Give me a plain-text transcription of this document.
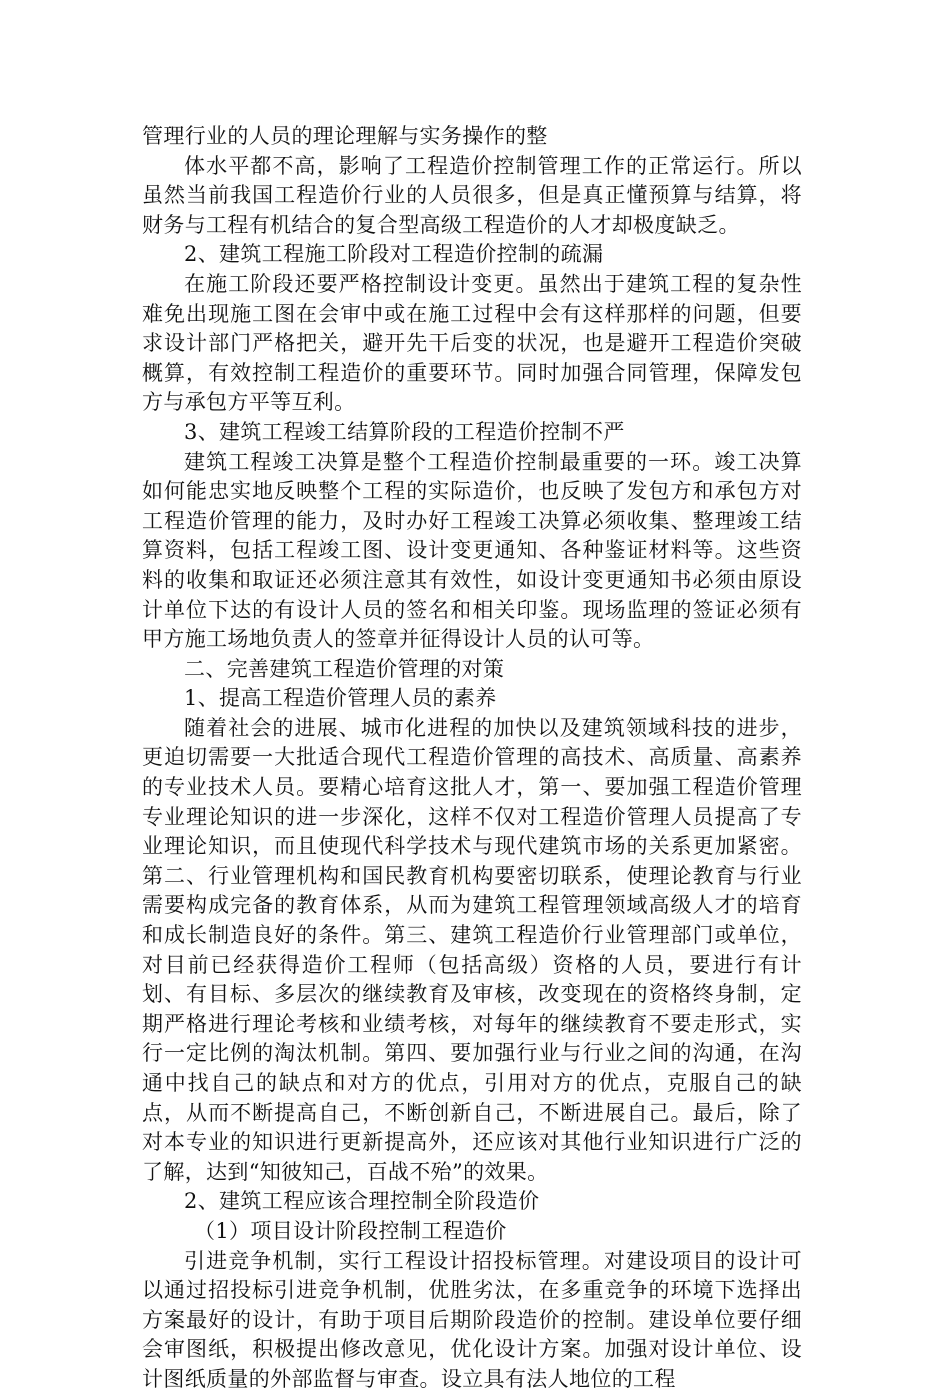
管理行业的人员的理论理解与实务操作的整

体水平都不高，影响了工程造价控制管理工作的正常运行。所以虽然当前我国工程造价行业的人员很多，但是真正懂预算与结算，将财务与工程有机结合的复合型高级工程造价的人才却极度缺乏。

2、建筑工程施工阶段对工程造价控制的疏漏

在施工阶段还要严格控制设计变更。虽然出于建筑工程的复杂性难免出现施工图在会审中或在施工过程中会有这样那样的问题，但要求设计部门严格把关，避开先干后变的状况，也是避开工程造价突破概算，有效控制工程造价的重要环节。同时加强合同管理，保障发包方与承包方平等互利。

3、建筑工程竣工结算阶段的工程造价控制不严

建筑工程竣工决算是整个工程造价控制最重要的一环。竣工决算如何能忠实地反映整个工程的实际造价，也反映了发包方和承包方对工程造价管理的能力，及时办好工程竣工决算必须收集、整理竣工结算资料，包括工程竣工图、设计变更通知、各种鉴证材料等。这些资料的收集和取证还必须注意其有效性，如设计变更通知书必须由原设计单位下达的有设计人员的签名和相关印鉴。现场监理的签证必须有甲方施工场地负责人的签章并征得设计人员的认可等。

二、完善建筑工程造价管理的对策

1、提高工程造价管理人员的素养

随着社会的进展、城市化进程的加快以及建筑领域科技的进步，更迫切需要一大批适合现代工程造价管理的高技术、高质量、高素养的专业技术人员。要精心培育这批人才，第一、要加强工程造价管理专业理论知识的进一步深化，这样不仅对工程造价管理人员提高了专业理论知识，而且使现代科学技术与现代建筑市场的关系更加紧密。第二、行业管理机构和国民教育机构要密切联系，使理论教育与行业需要构成完备的教育体系，从而为建筑工程管理领域高级人才的培育和成长制造良好的条件。第三、建筑工程造价行业管理部门或单位，对目前已经获得造价工程师（包括高级）资格的人员，要进行有计划、有目标、多层次的继续教育及审核，改变现在的资格终身制，定期严格进行理论考核和业绩考核，对每年的继续教育不要走形式，实行一定比例的淘汰机制。第四、要加强行业与行业之间的沟通，在沟通中找自己的缺点和对方的优点，引用对方的优点，克服自己的缺点，从而不断提高自己，不断创新自己，不断进展自己。最后，除了对本专业的知识进行更新提高外，还应该对其他行业知识进行广泛的了解，达到“知彼知己，百战不殆”的效果。

2、建筑工程应该合理控制全阶段造价

（1）项目设计阶段控制工程造价

引进竞争机制，实行工程设计招投标管理。对建设项目的设计可以通过招投标引进竞争机制，优胜劣汰，在多重竞争的环境下选择出方案最好的设计，有助于项目后期阶段造价的控制。建设单位要仔细会审图纸，积极提出修改意见，优化设计方案。加强对设计单位、设计图纸质量的外部监督与审查。设立具有法人地位的工程
